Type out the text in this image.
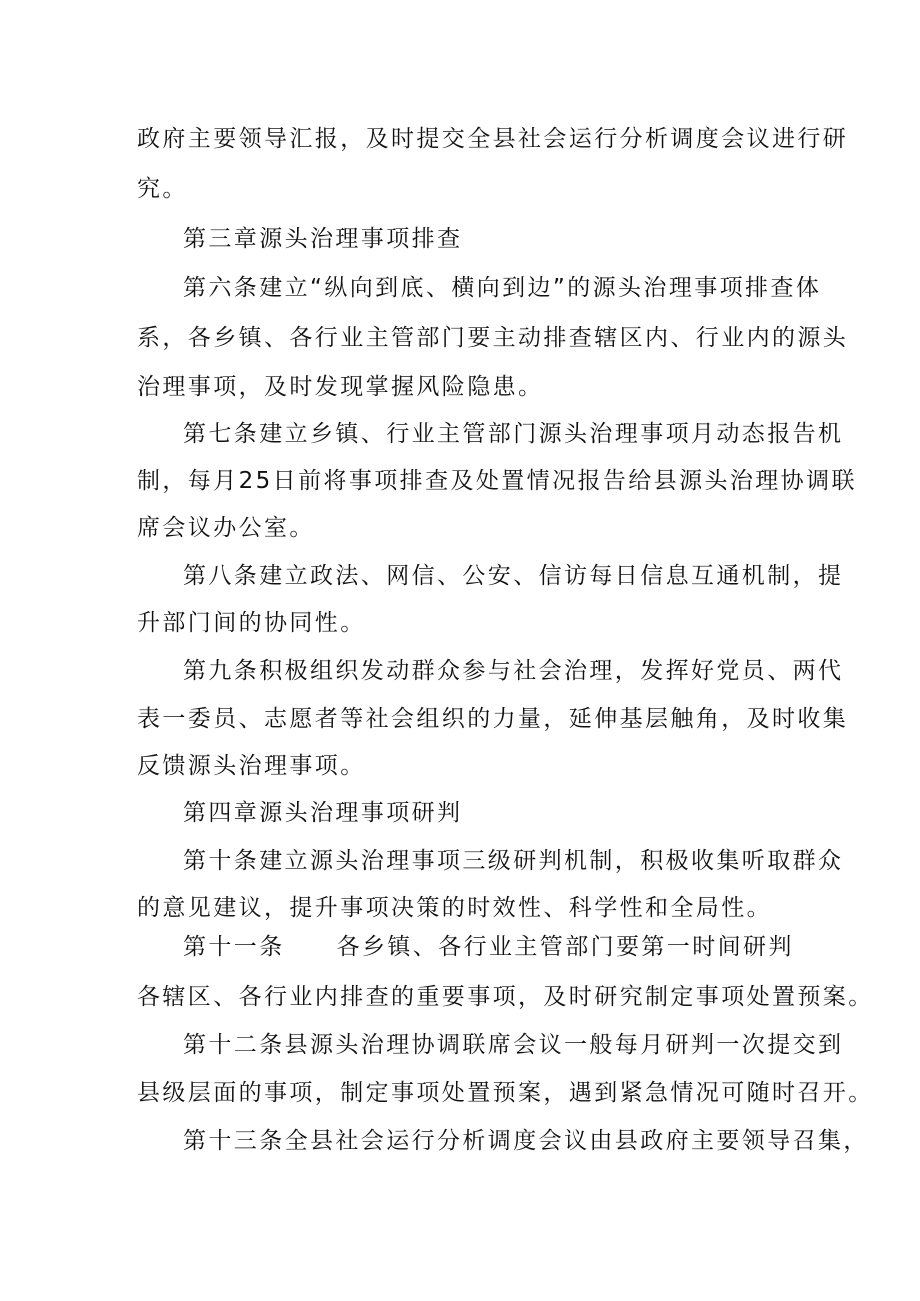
政府主要领导汇报，及时提交全县社会运行分析调度会议进行研

究。

第三章源头治理事项排查

第六条建立“纵向到底、横向到边”的源头治理事项排查体

系，各乡镇、各行业主管部门要主动排查辖区内、行业内的源头

治理事项，及时发现掌握风险隐患。

第七条建立乡镇、行业主管部门源头治理事项月动态报告机

制，每月25日前将事项排查及处置情况报告给县源头治理协调联

席会议办公室。

第八条建立政法、网信、公安、信访每日信息互通机制，提

升部门间的协同性。

第九条积极组织发动群众参与社会治理，发挥好党员、两代

表一委员、志愿者等社会组织的力量，延伸基层触角，及时收集

反馈源头治理事项。

第四章源头治理事项研判

第十条建立源头治理事项三级研判机制，积极收集听取群众

的意见建议，提升事项决策的时效性、科学性和全局性。

第十一条 各乡镇、各行业主管部门要第一时间研判

各辖区、各行业内排查的重要事项，及时研究制定事项处置预案。

第十二条县源头治理协调联席会议一般每月研判一次提交到

县级层面的事项，制定事项处置预案，遇到紧急情况可随时召开。

第十三条全县社会运行分析调度会议由县政府主要领导召集，
